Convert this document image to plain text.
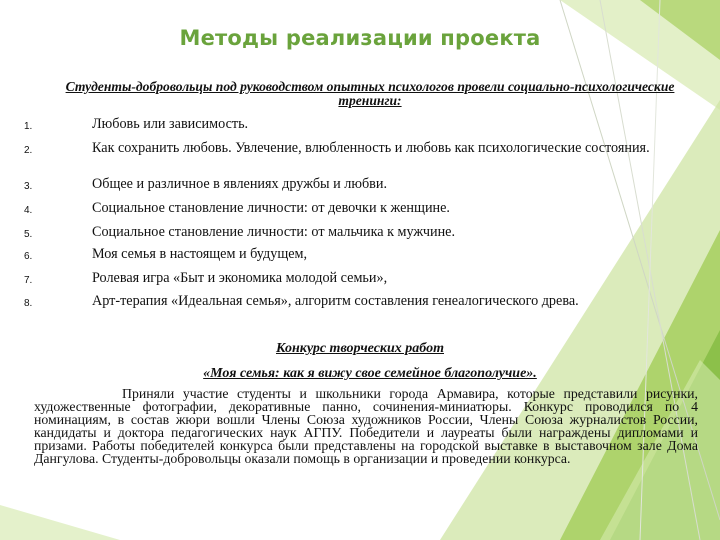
Методы реализации проекта
Студенты-добровольцы под руководством опытных психологов провели социально-психологические тренинги:
1.	Любовь или зависимость.
2.	Как сохранить любовь. Увлечение, влюбленность и любовь как психологические состояния.
3.	Общее и различное в явлениях дружбы и любви.
4.	Социальное становление личности: от девочки к женщине.
5.	Социальное становление личности: от мальчика к мужчине.
6.	Моя семья в настоящем и будущем,
7.	Ролевая игра «Быт и экономика молодой семьи»,
8.	Арт-терапия «Идеальная семья», алгоритм составления генеалогического древа.
Конкурс творческих работ
«Моя семья: как я вижу свое семейное благополучие».
Приняли участие студенты и школьники города Армавира, которые представили рисунки, художественные фотографии, декоративные панно, сочинения-миниатюры. Конкурс проводился по 4 номинациям, в состав жюри вошли Члены Союза художников России, Члены Союза журналистов России, кандидаты и доктора педагогических наук АГПУ. Победители и лауреаты были награждены дипломами и призами. Работы победителей конкурса были представлены на городской выставке в выставочном зале Дома Дангулова. Студенты-добровольцы оказали помощь в организации и проведении конкурса.
